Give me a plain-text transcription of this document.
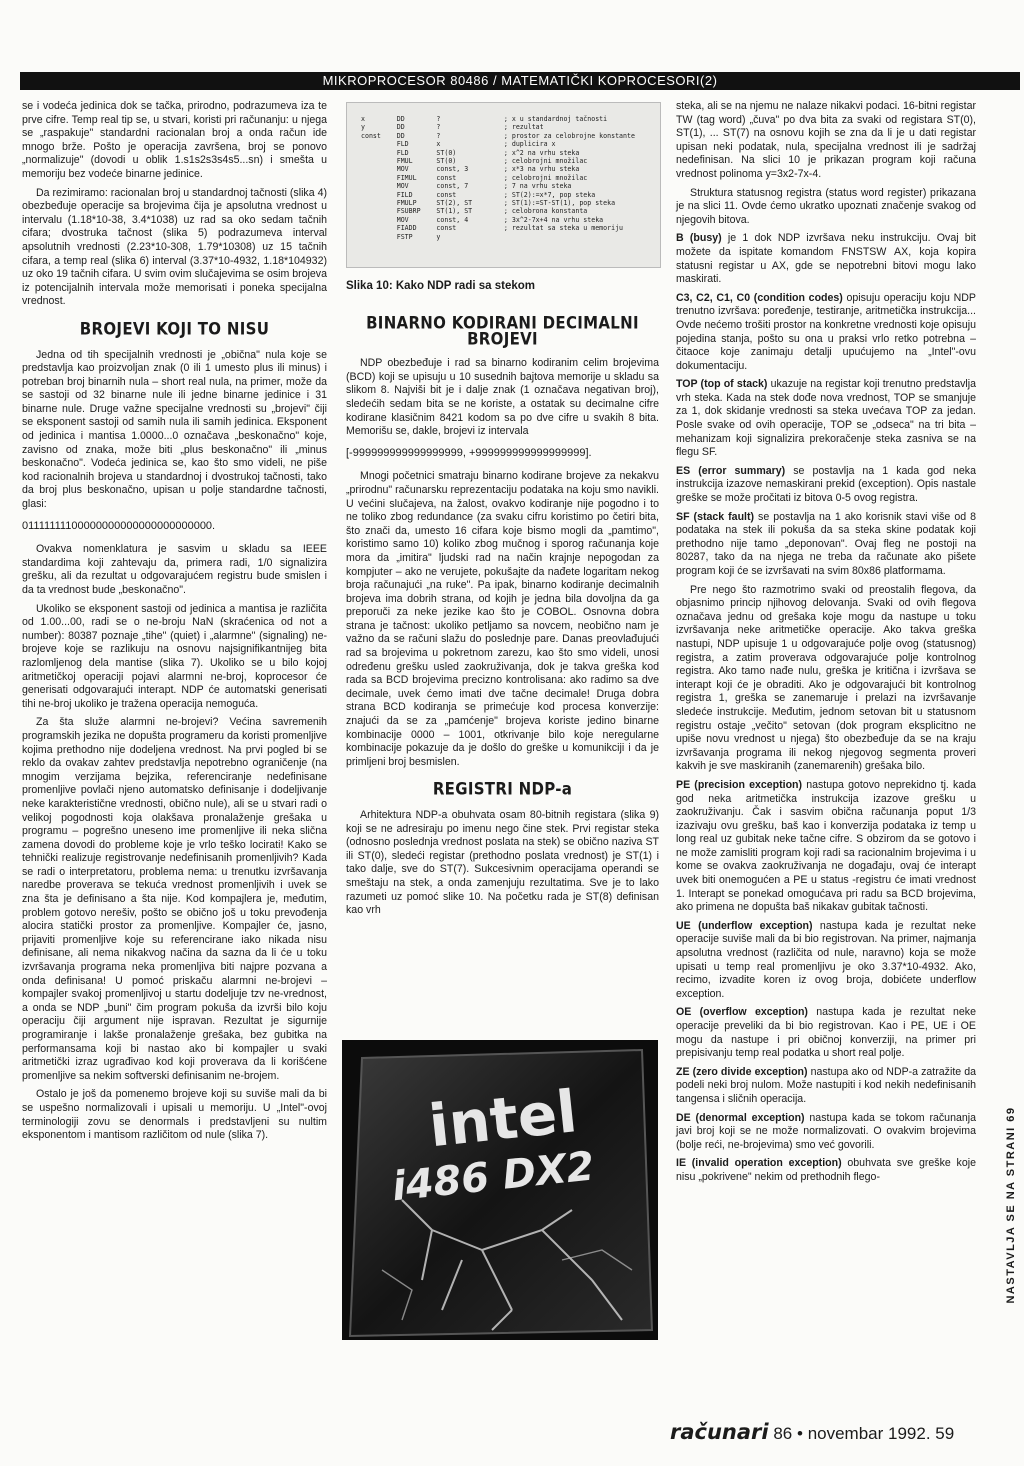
MIKROPROCESOR 80486 / MATEMATIČKI KOPROCESORI(2)

se i vodeća jedinica dok se tačka, prirodno, podrazumeva iza te prve cifre. Temp real tip se, u stvari, koristi pri računanju: u njega se „raspakuje" standardni racionalan broj a onda račun ide mnogo brže. Pošto je operacija završena, broj se ponovo „normalizuje" (dovodi u oblik 1.s1s2s3s4s5...sn) i smešta u memoriju bez vodeće binarne jedinice.

Da rezimiramo: racionalan broj u standardnoj tačnosti (slika 4) obezbeđuje operacije sa brojevima čija je apsolutna vrednost u intervalu (1.18*10-38, 3.4*1038) uz rad sa oko sedam tačnih cifara; dvostruka tačnost (slika 5) podrazumeva interval apsolutnih vrednosti (2.23*10-308, 1.79*10308) uz 15 tačnih cifara, a temp real (slika 6) interval (3.37*10-4932, 1.18*104932) uz oko 19 tačnih cifara. U svim ovim slučajevima se osim brojeva iz potencijalnih intervala može memorisati i poneka specijalna vrednost.

BROJEVI KOJI TO NISU

Jedna od tih specijalnih vrednosti je „obična" nula koje se predstavlja kao proizvoljan znak (0 ili 1 umesto plus ili minus) i potreban broj binarnih nula – short real nula, na primer, može da se sastoji od 32 binarne nule ili jedne binarne jedinice i 31 binarne nule. Druge važne specijalne vrednosti su „brojevi" čiji se eksponent sastoji od samih nula ili samih jedinica. Eksponent od jedinica i mantisa 1.0000...0 označava „beskonačno" koje, zavisno od znaka, može biti „plus beskonačno" ili „minus beskonačno". Vodeća jedinica se, kao što smo videli, ne piše kod racionalnih brojeva u standardnoj i dvostrukoj tačnosti, tako da broj plus beskonačno, upisan u polje standardne tačnosti, glasi:

01111111100000000000000000000000.

Ovakva nomenklatura je sasvim u skladu sa IEEE standardima koji zahtevaju da, primera radi, 1/0 signalizira grešku, ali da rezultat u odgovarajućem registru bude smislen i da ta vrednost bude „beskonačno".

Ukoliko se eksponent sastoji od jedinica a mantisa je različita od 1.00...00, radi se o ne-broju NaN (skraćenica od not a number): 80387 poznaje „tihe" (quiet) i „alarmne" (signaling) ne-brojeve koje se razlikuju na osnovu najsignifikantnijeg bita razlomljenog dela mantise (slika 7). Ukoliko se u bilo kojoj aritmetičkoj operaciji pojavi alarmni ne-broj, koprocesor će generisati odgovarajući interapt. NDP će automatski generisati tihi ne-broj ukoliko je tražena operacija nemoguća.

Za šta služe alarmni ne-brojevi? Većina savremenih programskih jezika ne dopušta programeru da koristi promenljive kojima prethodno nije dodeljena vrednost. Na prvi pogled bi se reklo da ovakav zahtev predstavlja nepotrebno ograničenje (na mnogim verzijama bejzika, referenciranje nedefinisane promenljive povlači njeno automatsko definisanje i dodeljivanje neke karakteristične vrednosti, obično nule), ali se u stvari radi o velikoj pogodnosti koja olakšava pronalaženje grešaka u programu – pogrešno uneseno ime promenljive ili neka slična zamena dovodi do probleme koje je vrlo teško locirati! Kako se tehnički realizuje registrovanje nedefinisanih promenljivih? Kada se radi o interpretatoru, problema nema: u trenutku izvršavanja naredbe proverava se tekuća vrednost promenljivih i uvek se zna šta je definisano a šta nije. Kod kompajlera je, međutim, problem gotovo nerešiv, pošto se obično još u toku prevođenja alocira statički prostor za promenljive. Kompajler će, jasno, prijaviti promenljive koje su referencirane iako nikada nisu definisane, ali nema nikakvog načina da sazna da li će u toku izvršavanja programa neka promenljiva biti najpre pozvana a onda definisana! U pomoć priskaču alarmni ne-brojevi – kompajler svakoj promenljivoj u startu dodeljuje tzv ne-vrednost, a onda se NDP „buni" čim program pokuša da izvrši bilo koju operaciju čiji argument nije ispravan. Rezultat je sigurnije programiranje i lakše pronalaženje grešaka, bez gubitka na performansama koji bi nastao ako bi kompajler u svaki aritmetički izraz ugrađivao kod koji proverava da li korišćene promenljive sa nekim softverski definisanim ne-brojem.

Ostalo je još da pomenemo brojeve koji su suviše mali da bi se uspešno normalizovali i upisali u memoriju. U „Intel"-ovoj terminologiji zovu se denormals i predstavljeni su nultim eksponentom i mantisom različitom od nule (slika 7).

x        DD        ?                ; x u standardnoj tačnosti
y        DD        ?                ; rezultat
const    DD        ?                ; prostor za celobrojne konstante
FLD       x                ; duplicira x
FLD       ST(0)            ; x^2 na vrhu steka
FMUL      ST(0)            ; celobrojni množilac
MOV       const, 3         ; x*3 na vrhu steka
FIMUL     const            ; celobrojni množilac
MOV       const, 7         ; 7 na vrhu steka
FILD      const            ; ST(2):=x*7, pop steka
FMULP     ST(2), ST        ; ST(1):=ST-ST(1), pop steka
FSUBRP    ST(1), ST        ; celobrona konstanta
MOV       const, 4         ; 3x^2-7x+4 na vrhu steka
FIADD     const            ; rezultat sa steka u memoriju
FSTP      y
Slika 10: Kako NDP radi sa stekom
BINARNO KODIRANI DECIMALNI BROJEVI

NDP obezbeđuje i rad sa binarno kodiranim celim brojevima (BCD) koji se upisuju u 10 susednih bajtova memorije u skladu sa slikom 8. Najviši bit je i dalje znak (1 označava negativan broj), sledećih sedam bita se ne koriste, a ostatak su decimalne cifre kodirane klasičnim 8421 kodom sa po dve cifre u svakih 8 bita. Memorišu se, dakle, brojevi iz intervala

[-999999999999999999, +999999999999999999].

Mnogi početnici smatraju binarno kodirane brojeve za nekakvu „prirodnu" računarsku reprezentaciju podataka na koju smo navikli. U većini slučajeva, na žalost, ovakvo kodiranje nije pogodno i to ne toliko zbog redundance (za svaku cifru koristimo po četiri bita, što znači da, umesto 16 cifara koje bismo mogli da „pamtimo", koristimo samo 10) koliko zbog mučnog i sporog računanja koje mora da „imitira" ljudski rad na način krajnje nepogodan za kompjuter – ako ne verujete, pokušajte da nađete logaritam nekog broja računajući „na ruke". Pa ipak, binarno kodiranje decimalnih brojeva ima dobrih strana, od kojih je jedna bila dovoljna da ga preporuči za neke jezike kao što je COBOL. Osnovna dobra strana je tačnost: ukoliko petljamo sa novcem, neobično nam je važno da se računi slažu do poslednje pare. Danas preovlađujući rad sa brojevima u pokretnom zarezu, kao što smo videli, unosi određenu grešku usled zaokruživanja, dok je takva greška kod rada sa BCD brojevima precizno kontrolisana: ako radimo sa dve decimale, uvek ćemo imati dve tačne decimale! Druga dobra strana BCD kodiranja se primećuje kod procesa konverzije: znajući da se za „pamćenje" brojeva koriste jedino binarne kombinacije 0000 – 1001, otkrivanje bilo koje neregularne kombinacije pokazuje da je došlo do greške u komunikciji i da je primljeni broj besmislen.

REGISTRI NDP-a

Arhitektura NDP-a obuhvata osam 80-bitnih registara (slika 9) koji se ne adresiraju po imenu nego čine stek. Prvi registar steka (odnosno poslednja vrednost poslata na stek) se obično naziva ST ili ST(0), sledeći registar (prethodno poslata vrednost) je ST(1) i tako dalje, sve do ST(7). Sukcesivnim operacijama operandi se smeštaju na stek, a onda zamenjuju rezultatima. Sve je to lako razumeti uz pomoć slike 10. Na početku rada je ST(8) definisan kao vrh

intel
i486 DX2

steka, ali se na njemu ne nalaze nikakvi podaci. 16-bitni registar TW (tag word) „čuva" po dva bita za svaki od registara ST(0), ST(1), ... ST(7) na osnovu kojih se zna da li je u dati registar upisan neki podatak, nula, specijalna vrednost ili je sadržaj nedefinisan. Na slici 10 je prikazan program koji računa vrednost polinoma y=3x2-7x-4.

Struktura statusnog registra (status word register) prikazana je na slici 11. Ovde ćemo ukratko upoznati značenje svakog od njegovih bitova.

B (busy) je 1 dok NDP izvršava neku instrukciju. Ovaj bit možete da ispitate komandom FNSTSW AX, koja kopira statusni registar u AX, gde se nepotrebni bitovi mogu lako maskirati.

C3, C2, C1, C0 (condition codes) opisuju operaciju koju NDP trenutno izvršava: poređenje, testiranje, aritmetička instrukcija... Ovde nećemo trošiti prostor na konkretne vrednosti koje opisuju pojedina stanja, pošto su ona u praksi vrlo retko potrebna – čitaoce koje zanimaju detalji upućujemo na „Intel"-ovu dokumentaciju.

TOP (top of stack) ukazuje na registar koji trenutno predstavlja vrh steka. Kada na stek dođe nova vrednost, TOP se smanjuje za 1, dok skidanje vrednosti sa steka uvećava TOP za jedan. Posle svake od ovih operacije, TOP se „odseca" na tri bita – mehanizam koji signalizira prekoračenje steka zasniva se na flegu SF.

ES (error summary) se postavlja na 1 kada god neka instrukcija izazove nemaskirani prekid (exception). Opis nastale greške se može pročitati iz bitova 0-5 ovog registra.

SF (stack fault) se postavlja na 1 ako korisnik stavi više od 8 podataka na stek ili pokuša da sa steka skine podatak koji prethodno nije tamo „deponovan". Ovaj fleg ne postoji na 80287, tako da na njega ne treba da računate ako pišete program koji će se izvršavati na svim 80x86 platformama.

Pre nego što razmotrimo svaki od preostalih flegova, da objasnimo princip njihovog delovanja. Svaki od ovih flegova označava jednu od grešaka koje mogu da nastupe u toku izvršavanja neke aritmetičke operacije. Ako takva greška nastupi, NDP upisuje 1 u odgovarajuće polje ovog (statusnog) registra, a zatim proverava odgovarajuće polje kontrolnog registra. Ako tamo nađe nulu, greška je kritična i izvršava se interapt koji će je obraditi. Ako je odgovarajući bit kontrolnog registra 1, greška se zanemaruje i prelazi na izvršavanje sledeće instrukcije. Međutim, jednom setovan bit u statusnom registru ostaje „večito" setovan (dok program eksplicitno ne upiše novu vrednost u njega) što obezbeđuje da se na kraju izvršavanja programa ili nekog njegovog segmenta proveri kakvih je sve maskiranih (zanemarenih) grešaka bilo.

PE (precision exception) nastupa gotovo neprekidno tj. kada god neka aritmetička instrukcija izazove grešku u zaokruživanju. Čak i sasvim obična računanja poput 1/3 izazivaju ovu grešku, baš kao i konverzija podataka iz temp u long real uz gubitak neke tačne cifre. S obzirom da se gotovo i ne može zamisliti program koji radi sa racionalnim brojevima i u kome se ovakva zaokruživanja ne događaju, ovaj će interapt uvek biti onemogućen a PE u status -registru će imati vrednost 1. Interapt se ponekad omogućava pri radu sa BCD brojevima, ako primena ne dopušta baš nikakav gubitak tačnosti.

UE (underflow exception) nastupa kada je rezultat neke operacije suviše mali da bi bio registrovan. Na primer, najmanja apsolutna vrednost (različita od nule, naravno) koja se može upisati u temp real promenljivu je oko 3.37*10-4932. Ako, recimo, izvadite koren iz ovog broja, dobićete underflow exception.

OE (overflow exception) nastupa kada je rezultat neke operacije preveliki da bi bio registrovan. Kao i PE, UE i OE mogu da nastupe i pri običnoj konverziji, na primer pri prepisivanju temp real podatka u short real polje.

ZE (zero divide exception) nastupa ako od NDP-a zatražite da podeli neki broj nulom. Može nastupiti i kod nekih nedefinisanih tangensa i sličnih operacija.

DE (denormal exception) nastupa kada se tokom računanja javi broj koji se ne može normalizovati. O ovakvim brojevima (bolje reći, ne-brojevima) smo već govorili.

IE (invalid operation exception) obuhvata sve greške koje nisu „pokrivene" nekim od prethodnih flego-	NASTAVLJA SE NA STRANI 69
računari 86 • novembar 1992. 59
